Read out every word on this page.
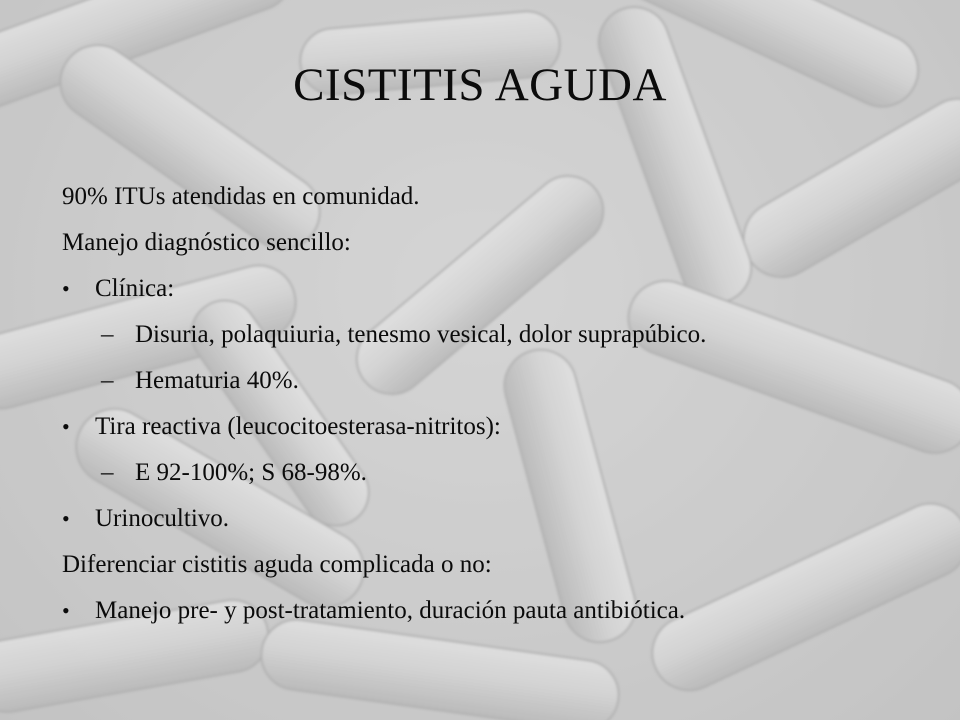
CISTITIS AGUDA
90% ITUs atendidas en comunidad.
Manejo diagnóstico sencillo:
• Clínica:
– Disuria, polaquiuria, tenesmo vesical, dolor suprapúbico.
– Hematuria 40%.
• Tira reactiva (leucocitoesterasa-nitritos):
– E 92-100%; S 68-98%.
• Urinocultivo.
Diferenciar cistitis aguda complicada o no:
• Manejo pre- y post-tratamiento, duración pauta antibiótica.
